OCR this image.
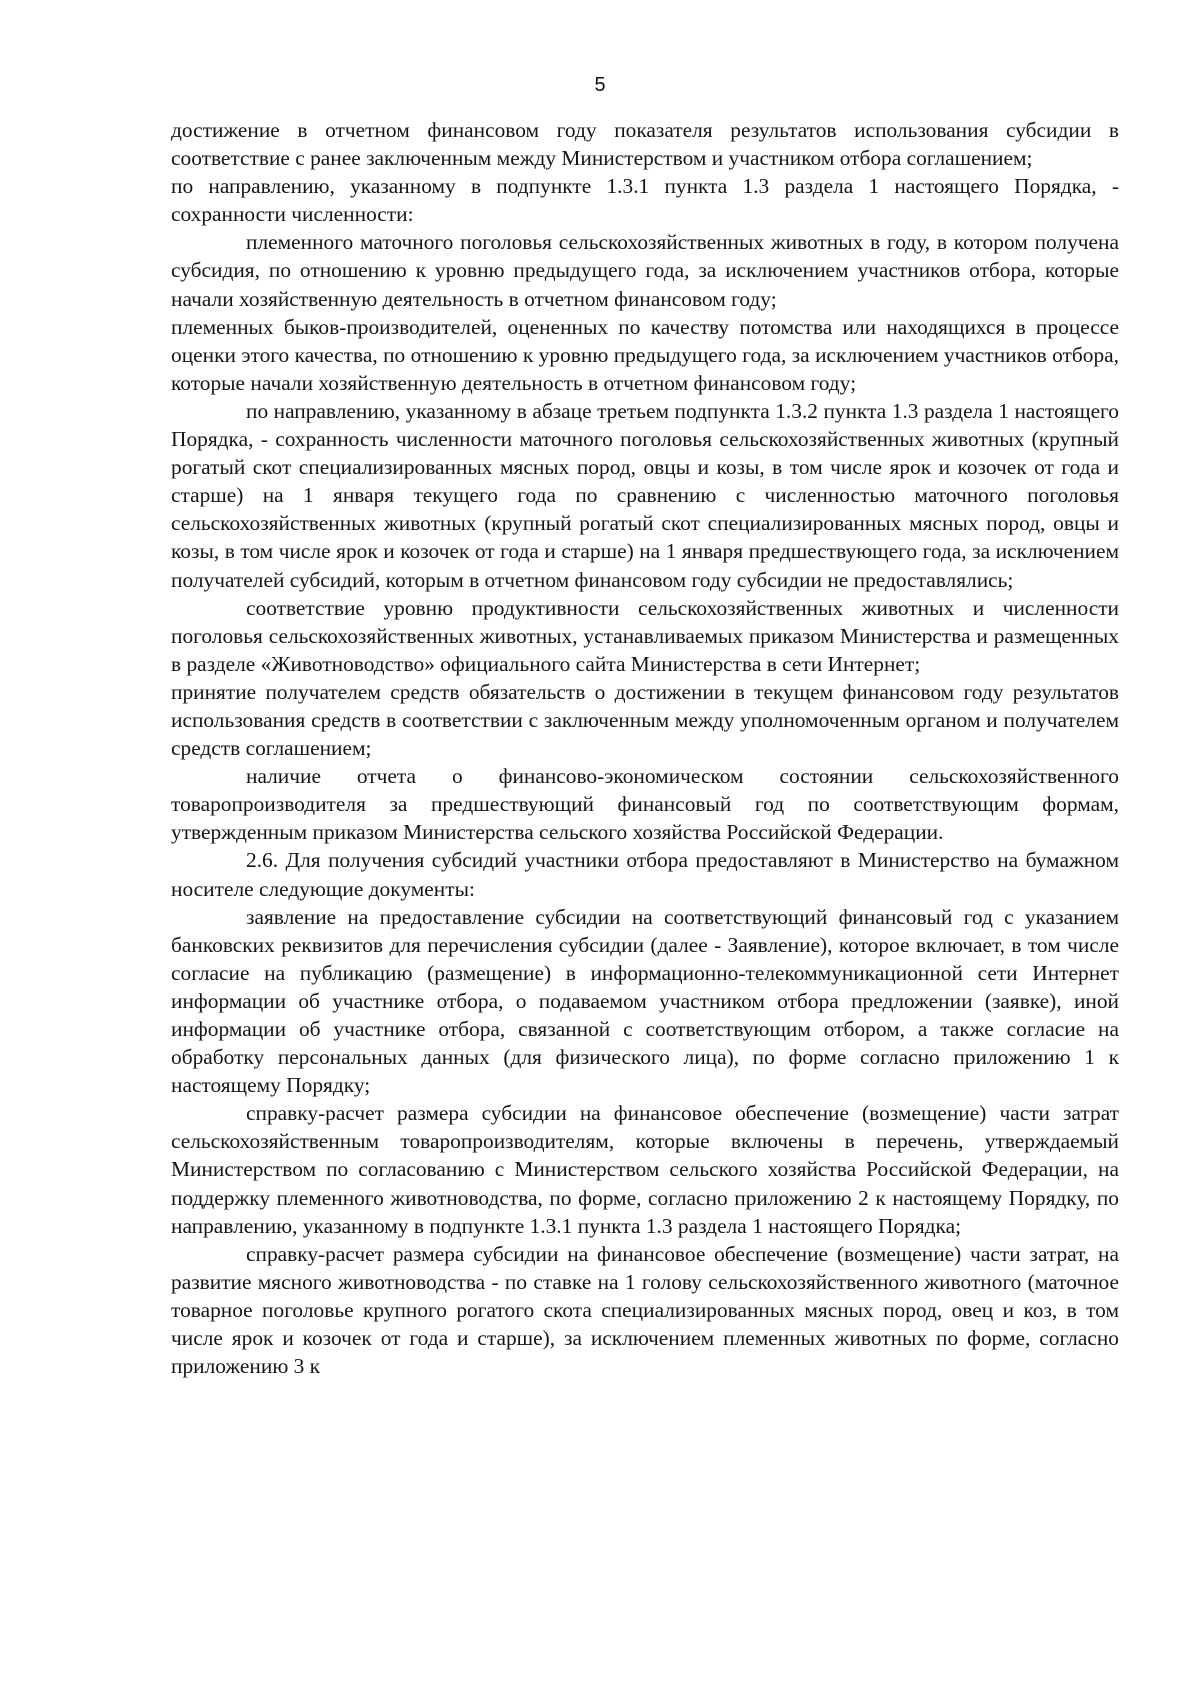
5

достижение в отчетном финансовом году показателя результатов использования субсидии в соответствие с ранее заключенным между Министерством и участником отбора соглашением;

по направлению, указанному в подпункте 1.3.1 пункта 1.3 раздела 1 настоящего Порядка, - сохранности численности:

племенного маточного поголовья сельскохозяйственных животных в году, в котором получена субсидия, по отношению к уровню предыдущего года, за исключением участников отбора, которые начали хозяйственную деятельность в отчетном финансовом году;

племенных быков-производителей, оцененных по качеству потомства или находящихся в процессе оценки этого качества, по отношению к уровню предыдущего года, за исключением участников отбора, которые начали хозяйственную деятельность в отчетном финансовом году;

по направлению, указанному в абзаце третьем подпункта 1.3.2 пункта 1.3 раздела 1 настоящего Порядка, - сохранность численности маточного поголовья сельскохозяйственных животных (крупный рогатый скот специализированных мясных пород, овцы и козы, в том числе ярок и козочек от года и старше) на 1 января текущего года по сравнению с численностью маточного поголовья сельскохозяйственных животных (крупный рогатый скот специализированных мясных пород, овцы и козы, в том числе ярок и козочек от года и старше) на 1 января предшествующего года, за исключением получателей субсидий, которым в отчетном финансовом году субсидии не предоставлялись;

соответствие уровню продуктивности сельскохозяйственных животных и численности поголовья сельскохозяйственных животных, устанавливаемых приказом Министерства и размещенных в разделе «Животноводство» официального сайта Министерства в сети Интернет;

принятие получателем средств обязательств о достижении в текущем финансовом году результатов использования средств в соответствии с заключенным между уполномоченным органом и получателем средств соглашением;

наличие отчета о финансово-экономическом состоянии сельскохозяйственного товаропроизводителя за предшествующий финансовый год по соответствующим формам, утвержденным приказом Министерства сельского хозяйства Российской Федерации.

2.6. Для получения субсидий участники отбора предоставляют в Министерство на бумажном носителе следующие документы:

заявление на предоставление субсидии на соответствующий финансовый год с указанием банковских реквизитов для перечисления субсидии (далее - Заявление), которое включает, в том числе согласие на публикацию (размещение) в информационно-телекоммуникационной сети Интернет информации об участнике отбора, о подаваемом участником отбора предложении (заявке), иной информации об участнике отбора, связанной с соответствующим отбором, а также согласие на обработку персональных данных (для физического лица), по форме согласно приложению 1 к настоящему Порядку;

справку-расчет размера субсидии на финансовое обеспечение (возмещение) части затрат сельскохозяйственным товаропроизводителям, которые включены в перечень, утверждаемый Министерством по согласованию с Министерством сельского хозяйства Российской Федерации, на поддержку племенного животноводства, по форме, согласно приложению 2 к настоящему Порядку, по направлению, указанному в подпункте 1.3.1 пункта 1.3 раздела 1 настоящего Порядка;

справку-расчет размера субсидии на финансовое обеспечение (возмещение) части затрат, на развитие мясного животноводства - по ставке на 1 голову сельскохозяйственного животного (маточное товарное поголовье крупного рогатого скота специализированных мясных пород, овец и коз, в том числе ярок и козочек от года и старше), за исключением племенных животных по форме, согласно приложению 3 к
